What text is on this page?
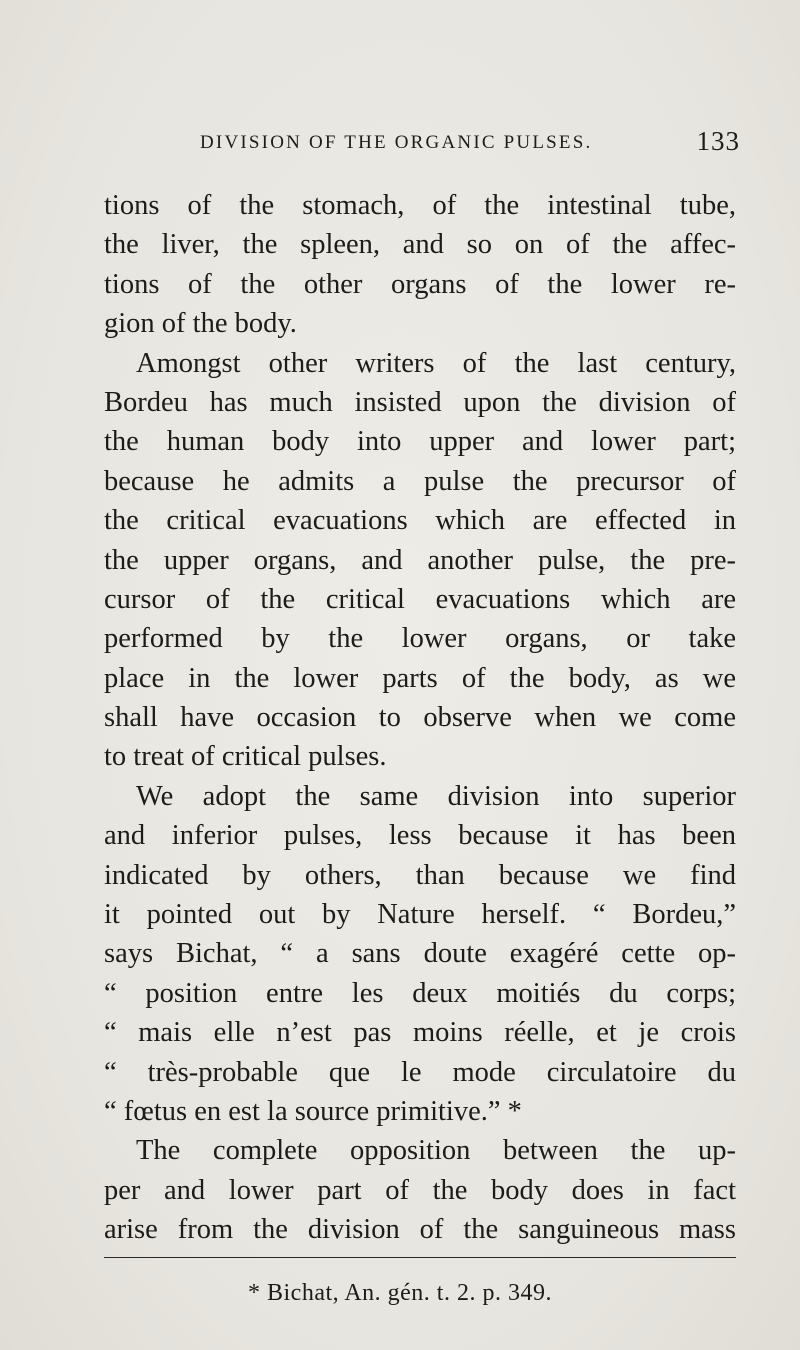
DIVISION OF THE ORGANIC PULSES.	133
tions of the stomach, of the intestinal tube,
the liver, the spleen, and so on of the affec-
tions of the other organs of the lower re-
gion of the body.
Amongst other writers of the last century,
Bordeu has much insisted upon the division of
the human body into upper and lower part;
because he admits a pulse the precursor of
the critical evacuations which are effected in
the upper organs, and another pulse, the pre-
cursor of the critical evacuations which are
performed by the lower organs, or take
place in the lower parts of the body, as we
shall have occasion to observe when we come
to treat of critical pulses.
We adopt the same division into superior
and inferior pulses, less because it has been
indicated by others, than because we find
it pointed out by Nature herself. “ Bordeu,”
says Bichat, “ a sans doute exagéré cette op-
“ position entre les deux moitiés du corps;
“ mais elle n’est pas moins réelle, et je crois
“ très-probable que le mode circulatoire du
“ fœtus en est la source primitive.” *
The complete opposition between the up-
per and lower part of the body does in fact
arise from the division of the sanguineous mass
* Bichat, An. gén. t. 2. p. 349.
